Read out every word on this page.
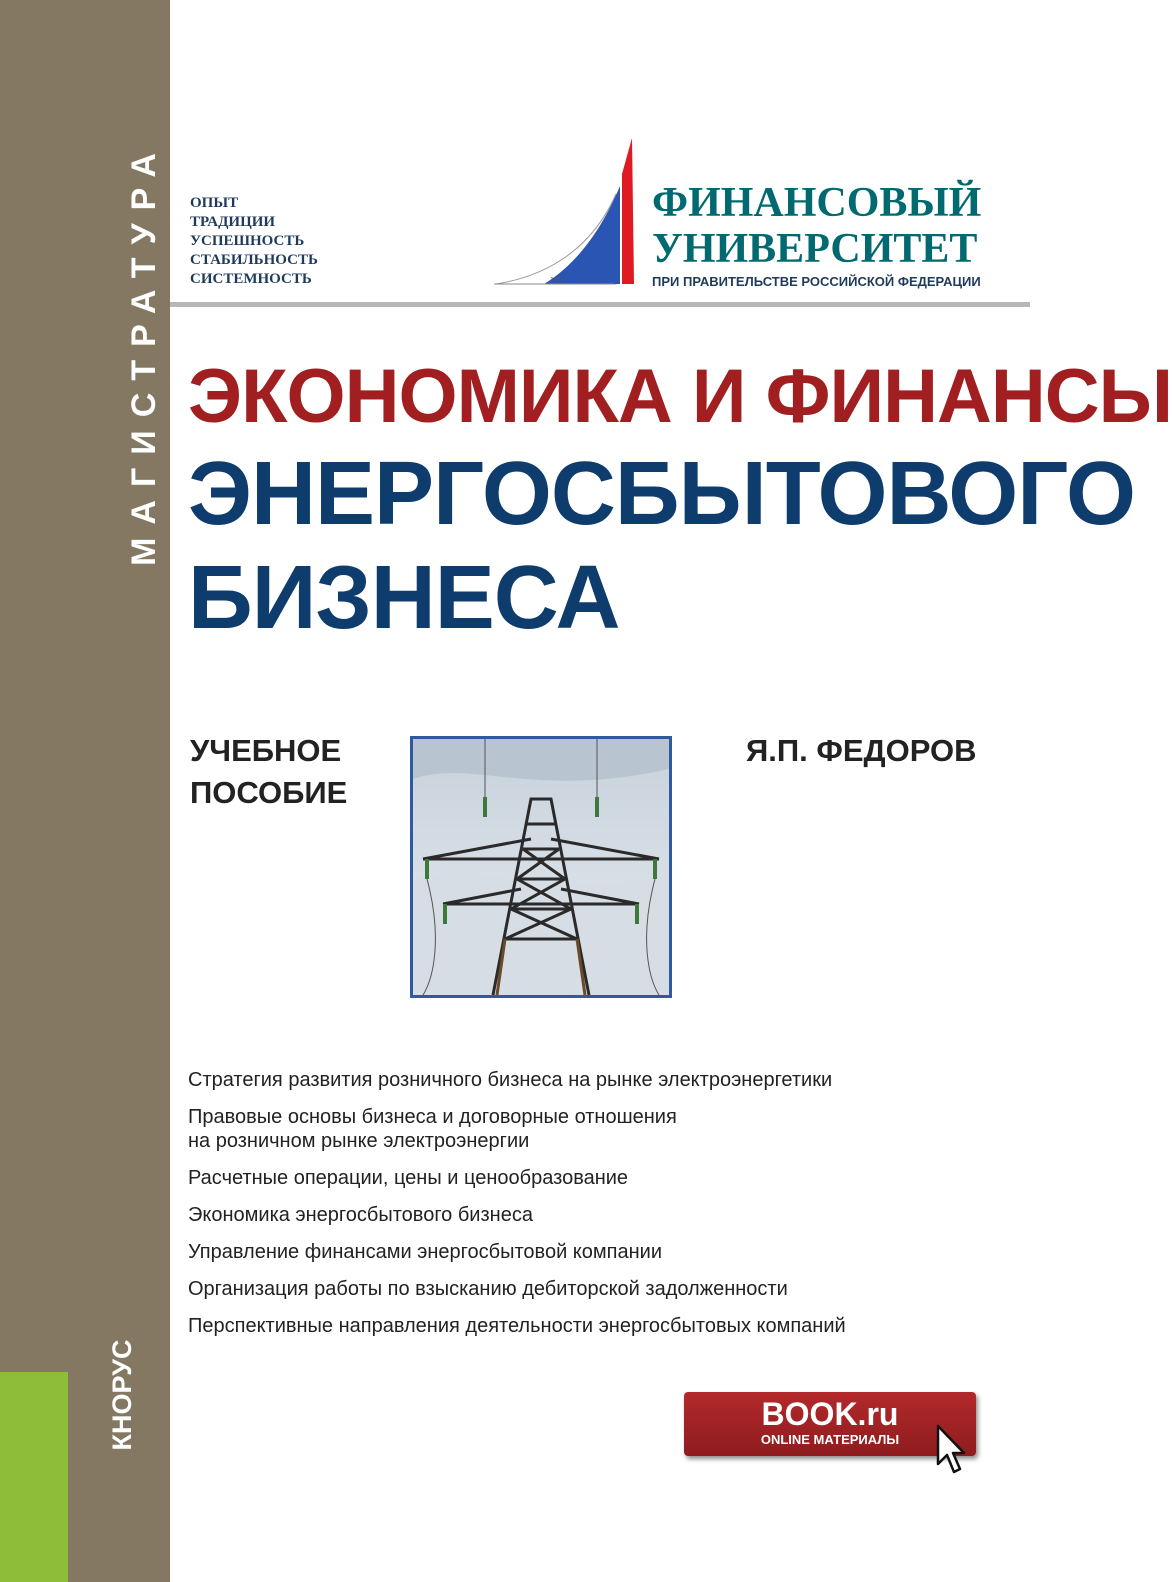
МАГИСТРАТУРА
КНОРУС
ОПЫТ
ТРАДИЦИИ
УСПЕШНОСТЬ
СТАБИЛЬНОСТЬ
СИСТЕМНОСТЬ	1919
ФИНАНСОВЫЙ
УНИВЕРСИТЕТ
ПРИ ПРАВИТЕЛЬСТВЕ РОССИЙСКОЙ ФЕДЕРАЦИИ
ЭКОНОМИКА И ФИНАНСЫ
ЭНЕРГОСБЫТОВОГО
БИЗНЕСА
УЧЕБНОЕ
ПОСОБИЕ
Я.П. ФЕДОРОВ
Стратегия развития розничного бизнеса на рынке электроэнергетики
Правовые основы бизнеса и договорные отношения
на розничном рынке электроэнергии
Расчетные операции, цены и ценообразование
Экономика энергосбытового бизнеса
Управление финансами энергосбытовой компании
Организация работы по взысканию дебиторской задолженности
Перспективные направления деятельности энергосбытовых компаний
BOOK.ru
ONLINE МАТЕРИАЛЫ
